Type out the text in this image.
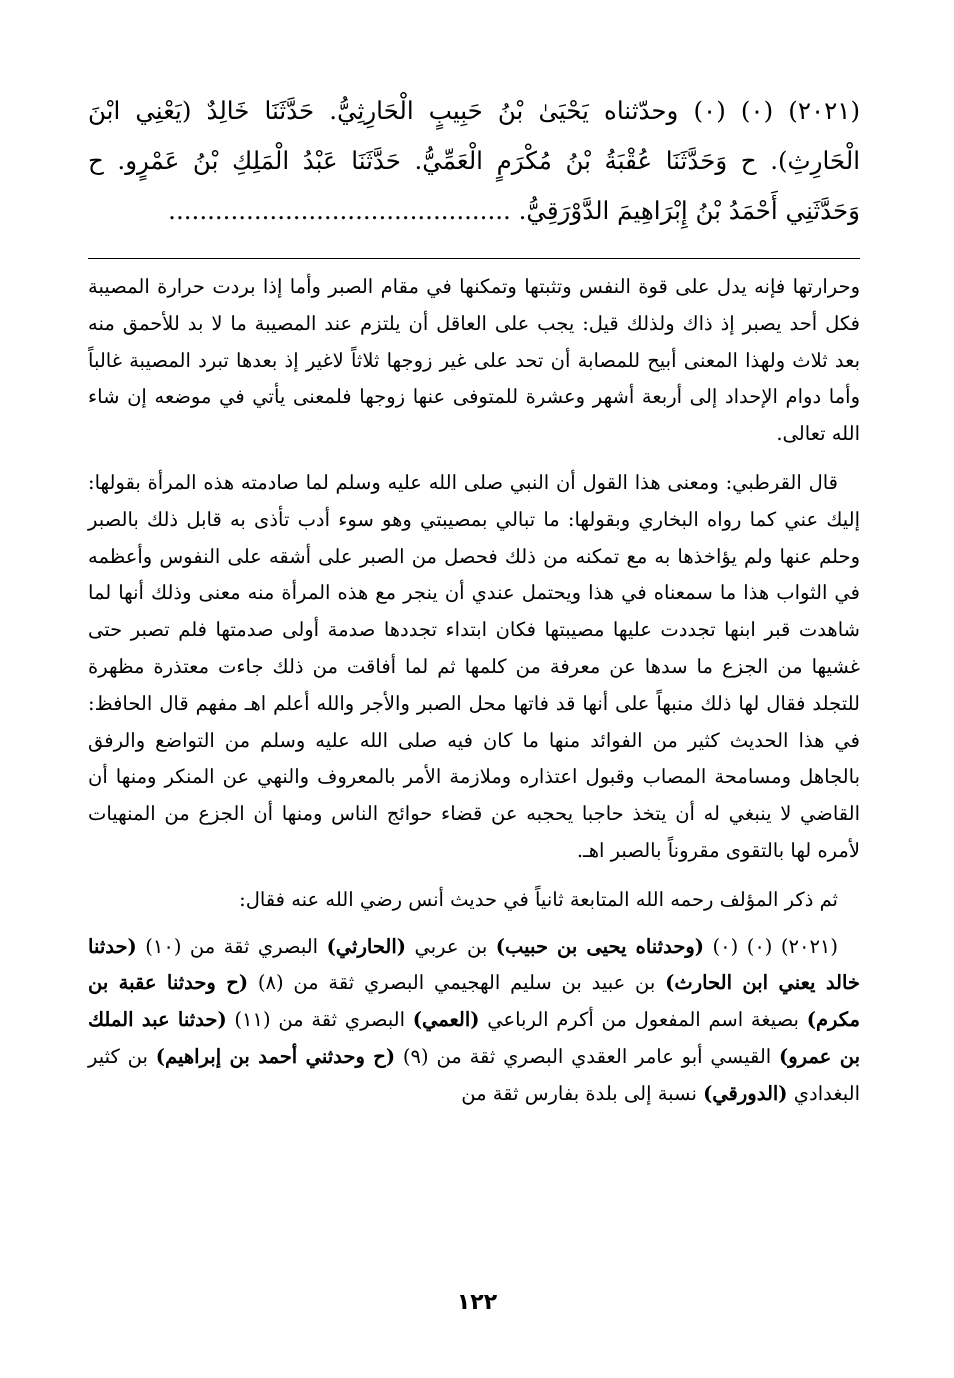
(٢٠٢١) (٠) (٠) وحدّثناه يَحْيَىٰ بْنُ حَبِيبٍ الْحَارِثِيُّ. حَدَّثَنَا خَالِدٌ (يَعْنِي ابْنَ الْحَارِثِ). ح وَحَدَّثَنَا عُقْبَةُ بْنُ مُكْرَمٍ الْعَمِّيُّ. حَدَّثَنَا عَبْدُ الْمَلِكِ بْنُ عَمْرٍو. ح وَحَدَّثَنِي أَحْمَدُ بْنُ إِبْرَاهِيمَ الدَّوْرَقِيُّ. ............................................

وحرارتها فإنه يدل على قوة النفس وتثبتها وتمكنها في مقام الصبر وأما إذا بردت حرارة المصيبة فكل أحد يصبر إذ ذاك ولذلك قيل: يجب على العاقل أن يلتزم عند المصيبة ما لا بد للأحمق منه بعد ثلاث ولهذا المعنى أبيح للمصابة أن تحد على غير زوجها ثلاثاً لاغير إذ بعدها تبرد المصيبة غالباً وأما دوام الإحداد إلى أربعة أشهر وعشرة للمتوفى عنها زوجها فلمعنى يأتي في موضعه إن شاء الله تعالى.

قال القرطبي: ومعنى هذا القول أن النبي صلى الله عليه وسلم لما صادمته هذه المرأة بقولها: إليك عني كما رواه البخاري وبقولها: ما تبالي بمصيبتي وهو سوء أدب تأذى به قابل ذلك بالصبر وحلم عنها ولم يؤاخذها به مع تمكنه من ذلك فحصل من الصبر على أشقه على النفوس وأعظمه في الثواب هذا ما سمعناه في هذا ويحتمل عندي أن ينجر مع هذه المرأة منه معنى وذلك أنها لما شاهدت قبر ابنها تجددت عليها مصيبتها فكان ابتداء تجددها صدمة أولى صدمتها فلم تصبر حتى غشيها من الجزع ما سدها عن معرفة من كلمها ثم لما أفاقت من ذلك جاءت معتذرة مظهرة للتجلد فقال لها ذلك منبهاً على أنها قد فاتها محل الصبر والأجر والله أعلم اهـ مفهم قال الحافظ: في هذا الحديث كثير من الفوائد منها ما كان فيه صلى الله عليه وسلم من التواضع والرفق بالجاهل ومسامحة المصاب وقبول اعتذاره وملازمة الأمر بالمعروف والنهي عن المنكر ومنها أن القاضي لا ينبغي له أن يتخذ حاجبا يحجبه عن قضاء حوائج الناس ومنها أن الجزع من المنهيات لأمره لها بالتقوى مقروناً بالصبر اهـ.

ثم ذكر المؤلف رحمه الله المتابعة ثانياً في حديث أنس رضي الله عنه فقال:

(٢٠٢١) (٠) (٠) (وحدثناه يحيى بن حبيب) بن عربي (الحارثي) البصري ثقة من (١٠) (حدثنا خالد يعني ابن الحارث) بن عبيد بن سليم الهجيمي البصري ثقة من (٨) (ح وحدثنا عقبة بن مكرم) بصيغة اسم المفعول من أكرم الرباعي (العمي) البصري ثقة من (١١) (حدثنا عبد الملك بن عمرو) القيسي أبو عامر العقدي البصري ثقة من (٩) (ح وحدثني أحمد بن إبراهيم) بن كثير البغدادي (الدورقي) نسبة إلى بلدة بفارس ثقة من

١٢٢
